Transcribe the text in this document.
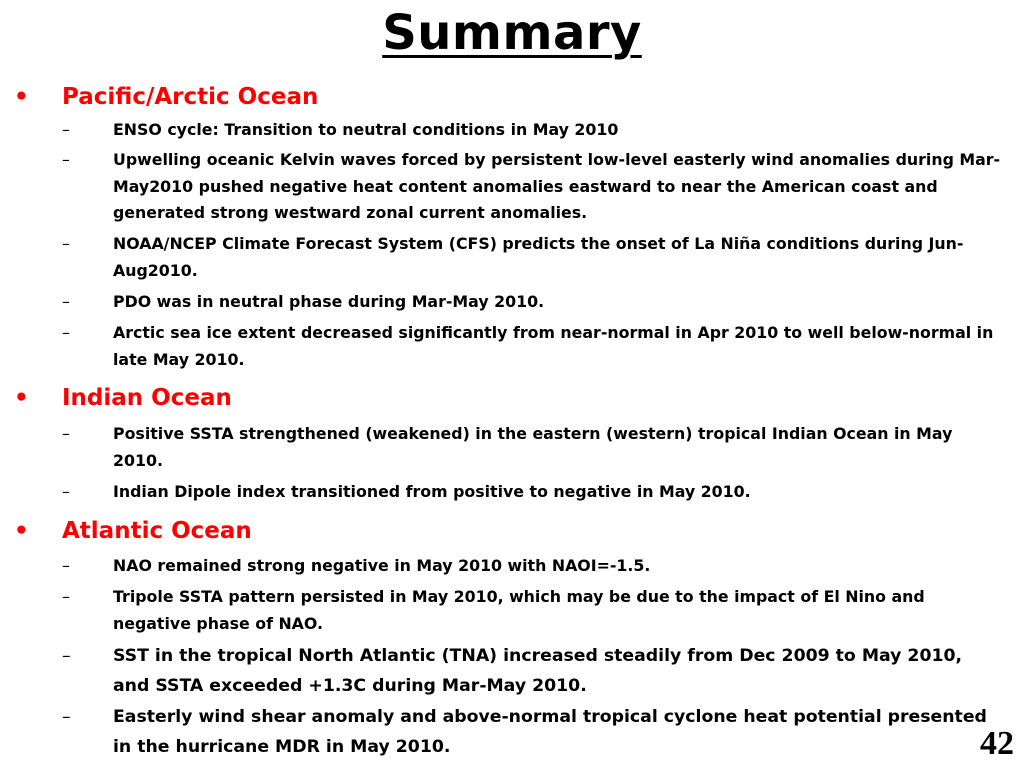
Summary
• Pacific/Arctic Ocean
–	ENSO cycle: Transition to neutral conditions in May 2010
–	Upwelling oceanic Kelvin waves forced by persistent low-level easterly wind anomalies during Mar-May2010 pushed negative heat content anomalies eastward to near the American coast and generated strong westward zonal current anomalies.
–	NOAA/NCEP Climate Forecast System (CFS) predicts the onset of La Niña conditions during Jun-Aug2010.
–	PDO was in neutral phase during Mar-May 2010.
–	Arctic sea ice extent decreased significantly from near-normal in Apr 2010 to well below-normal in late May 2010.
• Indian Ocean
–	Positive SSTA strengthened (weakened) in the eastern (western) tropical Indian Ocean in May 2010.
–	Indian Dipole index transitioned from positive to negative in May 2010.
• Atlantic Ocean
–	NAO remained strong negative in May 2010 with NAOI=-1.5.
–	Tripole SSTA pattern persisted in May 2010, which may be due to the impact of El Nino and negative phase of NAO.
– SST in the tropical North Atlantic (TNA) increased steadily from Dec 2009 to May 2010, and SSTA exceeded +1.3C during Mar-May 2010.
– Easterly wind shear anomaly and above-normal tropical cyclone heat potential presented in the hurricane MDR in May 2010.	42
